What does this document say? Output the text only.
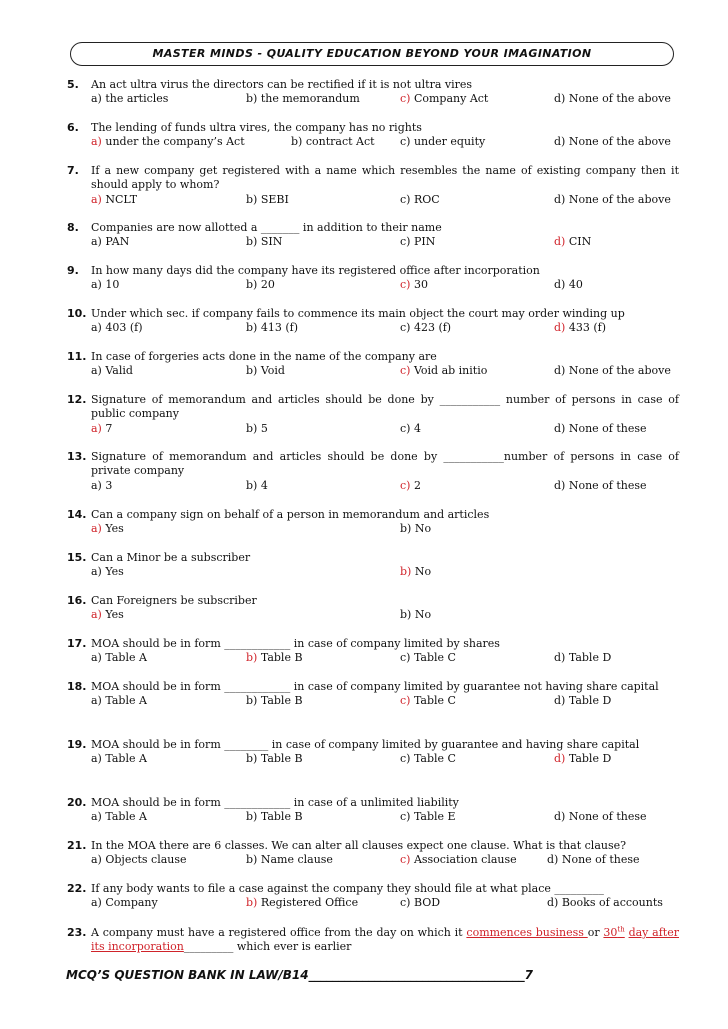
MASTER MINDS - QUALITY EDUCATION BEYOND YOUR IMAGINATION
5. An act ultra virus the directors can be rectified if it is not ultra vires
a) the articles	b) the memorandum	c) Company Act	d) None of the above
6. The lending of funds ultra vires, the company has no rights
a) under the company’s Act	b) contract Act c) under equity	d) None of the above
7. If a new company get registered with a name which resembles the name of existing company then it should apply to whom?
a) NCLT	b) SEBI	c) ROC	d) None of the above
8. Companies are now allotted a _______ in addition to their name
a) PAN	b) SIN	c) PIN	d) CIN
9. In how many days did the company have its registered office after incorporation
a) 10	b) 20	c) 30	d) 40
10. Under which sec. if company fails to commence its main object the court may order winding up
a) 403 (f)	b) 413 (f)	c) 423 (f)	d) 433 (f)
11. In case of forgeries acts done in the name of the company are
a) Valid	b) Void	c) Void ab initio	d) None of the above
12. Signature of memorandum and articles should be done by ___________ number of persons in case of public company
a) 7	b) 5	c) 4	d) None of these
13. Signature of memorandum and articles should be done by ___________number of persons in case of private company
a) 3	b) 4	c) 2	d) None of these
14. Can a company sign on behalf of a person in memorandum and articles
a) Yes	b) No
15. Can a Minor be a subscriber
a) Yes	b) No
16. Can Foreigners be subscriber
a) Yes	b) No
17. MOA should be in form ____________ in case of company limited by shares
a) Table A	b) Table B	c) Table C	d) Table D
18. MOA should be in form ____________ in case of company limited by guarantee not having share capital
a) Table A	b) Table B	c) Table C	d) Table D
19. MOA should be in form ________ in case of company limited by guarantee and having share capital
a) Table A	b) Table B	c) Table C	d) Table D
20. MOA should be in form ____________ in case of a unlimited liability
a) Table A	b) Table B	c) Table E	d) None of these
21. In the MOA there are 6 classes. We can alter all clauses expect one clause. What is that clause?
a) Objects clause	b) Name clause	c) Association clause	d) None of these
22. If any body wants to file a case against the company they should file at what place _________
a) Company	b) Registered Office	c) BOD	d) Books of accounts
23. A company must have a registered office from the day on which it commences business or 30th day after its incorporation_________ which ever is earlier
MCQ’S QUESTION BANK IN LAW/B14____________________________________7
